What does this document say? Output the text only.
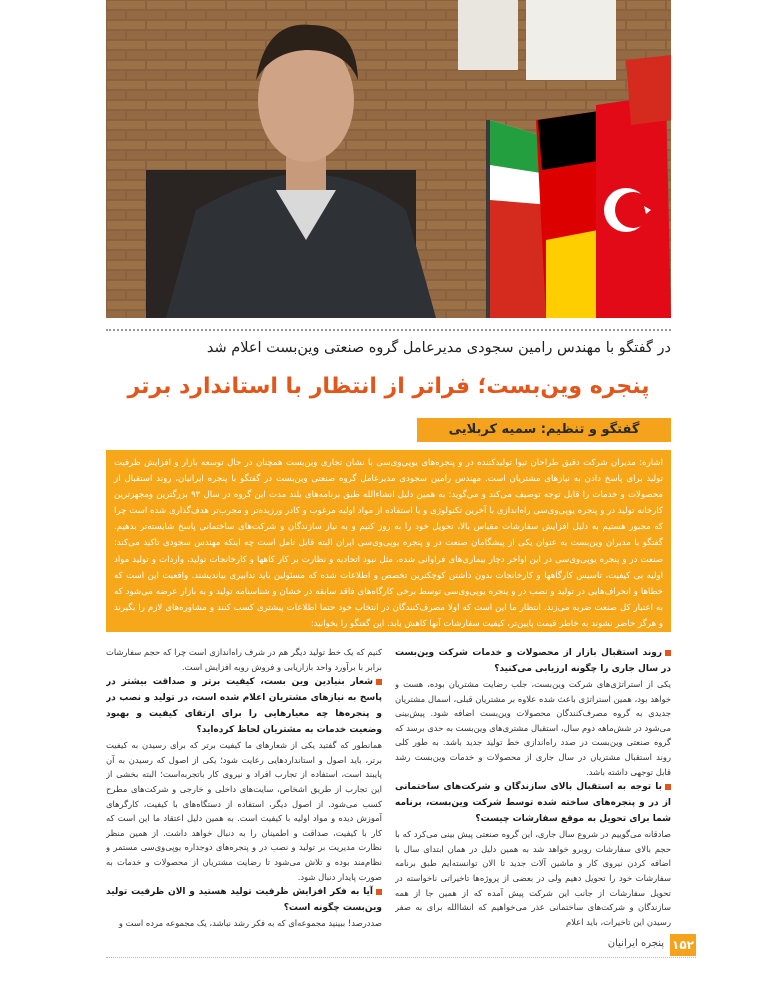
در گفتگو با مهندس رامین سجودی مدیرعامل گروه صنعتی وین‌بست اعلام شد
پنجره وین‌بست؛ فراتر از انتظار با استاندارد برتر
گفتگو و تنظیم: سمیه کربلایی
اشاره: مدیران شرکت دقیق طراحان تیوا تولیدکننده در و پنجره‌های یوپی‌وی‌سی با نشان تجاری وین‌بست همچنان در حال توسعه بازار و افزایش ظرفیت تولید برای پاسخ دادن به نیازهای مشتریان است. مهندس رامین سجودی مدیرعامل گروه صنعتی وین‌بست در گفتگو با پنجره ایرانیان، روند استقبال از محصولات و خدمات را قابل توجه توصیف می‌کند و می‌گوید: به همین دلیل انشاءالله طبق برنامه‌های بلند مدت این گروه در سال ۹۳ بزرگترین ومجهزترین کارخانه تولید در و پنجره یوپی‌وی‌سی راه‌اندازی با آخرین تکنولوژی و با استفاده از مواد اولیه مرغوب و کادر ورزیده‌تر و مجرب‌تر هدف‌گذاری شده است چرا که مجبور هستیم به دلیل افزایش سفارشات مقیاس بالا، تحویل خود را به روز کنیم و به نیاز سازندگان و شرکت‌های ساختمانی پاسخ شایسته‌تر بدهیم. گفتگو با مدیران وین‌بست به عنوان یکی از پیشگامان صنعت در و پنجره یوپی‌وی‌سی ایران البته قابل تامل است چه اینکه مهندس سجودی تاکید می‌کند: صنعت در و پنجره یوپی‌وی‌سی در این اواخر دچار بیماری‌های فراوانی شده، مثل نبود اتحادیه و نظارت بر کار کاهها و کارخانجات تولید، واردات و تولید مواد اولیه بی کیفیت، تاسیس کارگاهها و کارخانجات بدون داشتن کوچکترین تخصص و اطلاعات شده که مسئولین باید تدابیری بیاندیشند. واقعیت این است که خطاها و انحراف‌هایی در تولید و نصب در و پنجره یوپی‌وی‌سی توسط برخی کارگاه‌های فاقد سابقه در خشان و شناسنامه تولید و به بازار عرضه می‌شود که به اعتبار کل صنعت ضربه می‌زند. انتظار ما این است که اولا مصرف‌کنندگان در انتخاب خود حتما اطلاعات پیشتری کسب کنند و مشاوره‌های لازم را بگیرند و هرگز حاضر نشوند به خاطر قیمت پایین‌تر، کیفیت سفارشات آنها کاهش یابد. این گفتگو را بخوانید:

روند استقبال بازار از محصولات و خدمات شرکت وین‌بست در سال جاری را چگونه ارزیابی می‌کنید؟

یکی از استراتژی‌های شرکت وین‌بست، جلب رضایت مشتریان بوده، هست و خواهد بود، همین استراتژی باعث شده علاوه بر مشتریان قبلی، اسمال مشتریان جدیدی به گروه مصرف‌کنندگان محصولات وین‌بست اضافه شود. پیش‌بینی می‌شود در شش‌ماهه دوم سال، استقبال مشتری‌های وین‌بست به حدی برسد که گروه صنعتی وین‌بست در صدد راه‌اندازی خط تولید جدید باشد. به طور کلی روند استقبال مشتریان در سال جاری از محصولات و خدمات وین‌بست رشد قابل توجهی داشته باشد.

با توجه به استقبال بالای سازندگان و شرکت‌های ساختمانی از در و پنجره‌های ساخته شده توسط شرکت وین‌بست، برنامه شما برای تحویل به موقع سفارشات چیست؟

صادقانه می‌گوییم در شروع سال جاری، این گروه صنعتی پیش بینی می‌کرد که با حجم بالای سفارشات روبرو خواهد شد به همین دلیل در همان ابتدای سال با اضافه کردن نیروی کار و ماشین آلات جدید تا الان توانسته‌ایم طبق برنامه سفارشات خود را تحویل دهیم ولی در بعضی از پروژه‌ها تاخیراتی ناخواسته در تحویل سفارشات از جانب این شرکت پیش آمده که از همین جا از همه سازندگان و شرکت‌های ساختمانی عذر می‌خواهیم که انشاالله برای به صفر رسیدن این تاخیرات، باید اعلام

کنیم که یک خط تولید دیگر هم در شرف راه‌اندازی است چرا که حجم سفارشات برابر با برآورد واحد بازاریابی و فروش روبه افزایش است.

شعار بنیادین وین بست، کیفیت برتر و صداقت بیشتر در پاسخ به نیازهای مشتریان اعلام شده است، در تولید و نصب در و پنجره‌ها چه معیارهایی را برای ارتقای کیفیت و بهبود وضعیت خدمات به مشتریان لحاظ کرده‌اید؟

همانطور که گفتید یکی از شعارهای ما کیفیت برتر که برای رسیدن به کیفیت برتر، باید اصول و استانداردهایی رعایت شود؛ یکی از اصول که رسیدن به آن پایبند است، استفاده از تجارب افراد و نیروی کار باتجربه‌است؛ البته بخشی از این تجارب از طریق اشخاص، سایت‌های داخلی و خارجی و شرکت‌های مطرح کسب می‌شود. از اصول دیگر، استفاده از دستگاه‌های با کیفیت، کارگرهای آموزش دیده و مواد اولیه با کیفیت است. به همین دلیل اعتقاد ما این است که کار با کیفیت، صداقت و اطمینان را به دنبال خواهد داشت. از همین منظر نظارت مدیریت بر تولید و نصب در و پنجره‌های دوجداره یوپی‌وی‌سی مستمر و نظام‌مند بوده و تلاش می‌شود تا رضایت مشتریان از محصولات و خدمات به صورت پایدار دنبال شود.

آیا به فکر افزایش ظرفیت تولید هستید و الان ظرفیت تولید وین‌بست چگونه است؟

صددرصد! ببینید مجموعه‌ای که به فکر رشد نباشد، یک مجموعه مرده است و

۱۵۲
پنجره ایرانیان
